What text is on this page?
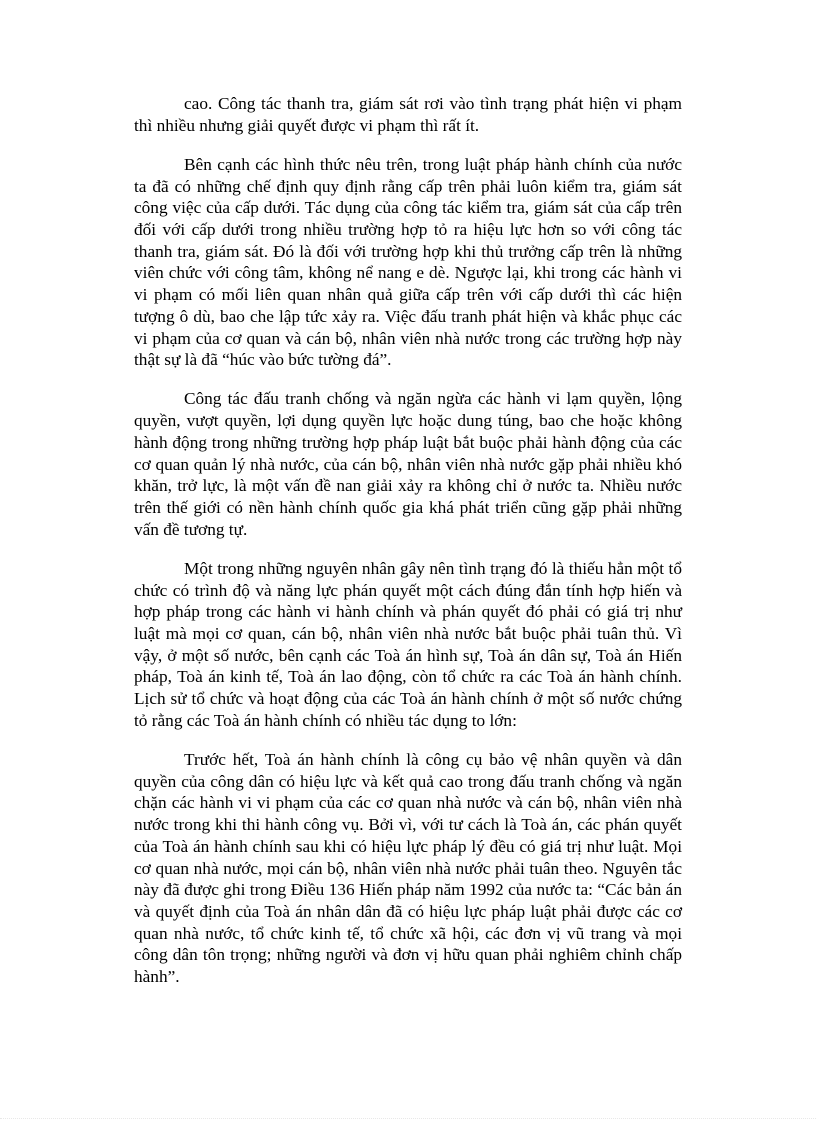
cao. Công tác thanh tra, giám sát rơi vào tình trạng phát hiện vi phạm thì nhiều nhưng giải quyết được vi phạm thì rất ít.

Bên cạnh các hình thức nêu trên, trong luật pháp hành chính của nước ta đã có những chế định quy định rằng cấp trên phải luôn kiểm tra, giám sát công việc của cấp dưới. Tác dụng của công tác kiểm tra, giám sát của cấp trên đối với cấp dưới trong nhiều trường hợp tỏ ra hiệu lực hơn so với công tác thanh tra, giám sát. Đó là đối với trường hợp khi thủ trưởng cấp trên là những viên chức với công tâm, không nể nang e dè. Ngược lại, khi trong các hành vi vi phạm có mối liên quan nhân quả giữa cấp trên với cấp dưới thì các hiện tượng ô dù, bao che lập tức xảy ra. Việc đấu tranh phát hiện và khắc phục các vi phạm của cơ quan và cán bộ, nhân viên nhà nước trong các trường hợp này thật sự là đã “húc vào bức tường đá”.

Công tác đấu tranh chống và ngăn ngừa các hành vi lạm quyền, lộng quyền, vượt quyền, lợi dụng quyền lực hoặc dung túng, bao che hoặc không hành động trong những trường hợp pháp luật bắt buộc phải hành động của các cơ quan quản lý nhà nước, của cán bộ, nhân viên nhà nước gặp phải nhiều khó khăn, trở lực, là một vấn đề nan giải xảy ra không chỉ ở nước ta. Nhiều nước trên thế giới có nền hành chính quốc gia khá phát triển cũng gặp phải những vấn đề tương tự.

Một trong những nguyên nhân gây nên tình trạng đó là thiếu hẳn một tổ chức có trình độ và năng lực phán quyết một cách đúng đắn tính hợp hiến và hợp pháp trong các hành vi hành chính và phán quyết đó phải có giá trị như luật mà mọi cơ quan, cán bộ, nhân viên nhà nước bắt buộc phải tuân thủ. Vì vậy, ở một số nước, bên cạnh các Toà án hình sự, Toà án dân sự, Toà án Hiến pháp, Toà án kinh tế, Toà án lao động, còn tổ chức ra các Toà án hành chính. Lịch sử tổ chức và hoạt động của các Toà án hành chính ở một số nước chứng tỏ rằng các Toà án hành chính có nhiều tác dụng to lớn:

Trước hết, Toà án hành chính là công cụ bảo vệ nhân quyền và dân quyền của công dân có hiệu lực và kết quả cao trong đấu tranh chống và ngăn chặn các hành vi vi phạm của các cơ quan nhà nước và cán bộ, nhân viên nhà nước trong khi thi hành công vụ. Bởi vì, với tư cách là Toà án, các phán quyết của Toà án hành chính sau khi có hiệu lực pháp lý đều có giá trị như luật. Mọi cơ quan nhà nước, mọi cán bộ, nhân viên nhà nước phải tuân theo. Nguyên tắc này đã được ghi trong Điều 136 Hiến pháp năm 1992 của nước ta: “Các bản án và quyết định của Toà án nhân dân đã có hiệu lực pháp luật phải được các cơ quan nhà nước, tổ chức kinh tế, tổ chức xã hội, các đơn vị vũ trang và mọi công dân tôn trọng; những người và đơn vị hữu quan phải nghiêm chỉnh chấp hành”.
